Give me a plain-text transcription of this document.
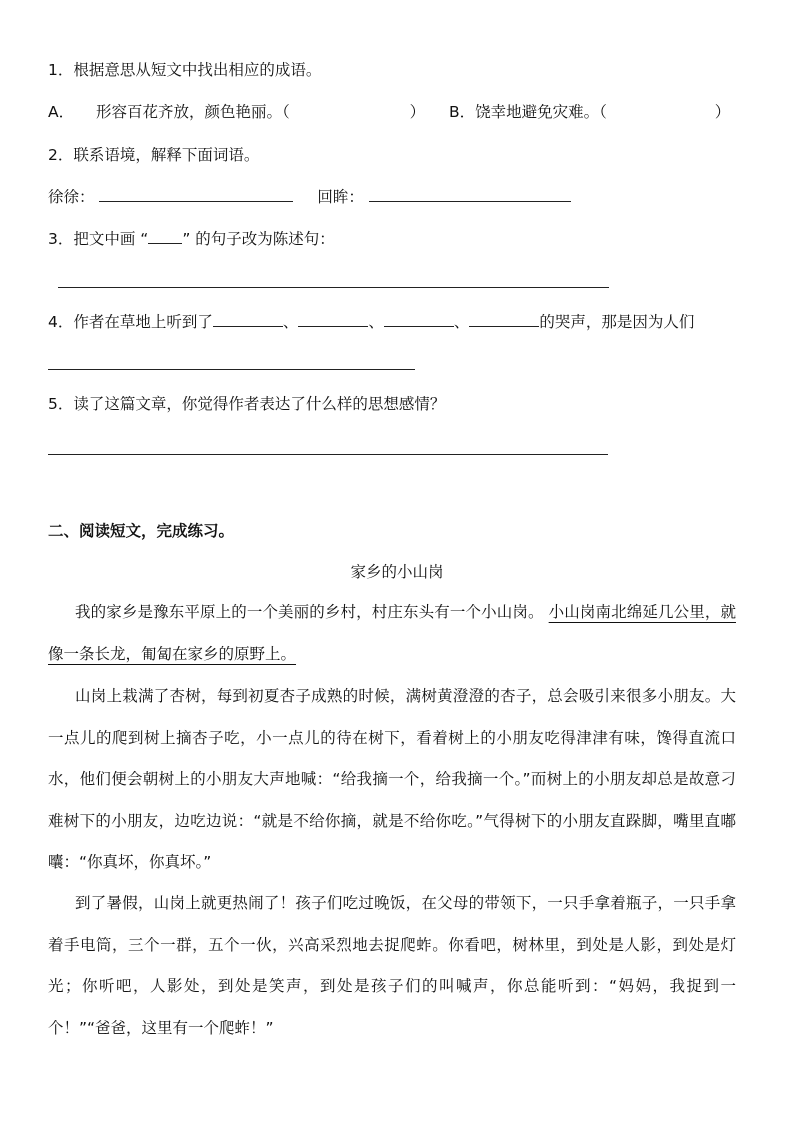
1．根据意思从短文中找出相应的成语。
A． 形容百花齐放，颜色艳丽。（	） B．饶幸地避免灾难。（	）
2．联系语境，解释下面词语。
徐徐：	回眸：
3．把文中画 “ ” 的句子改为陈述句：
4．作者在草地上听到了	、	、	、	的哭声，那是因为人们
5．读了这篇文章，你觉得作者表达了什么样的思想感情？
二、阅读短文，完成练习。
家乡的小山岗
我的家乡是豫东平原上的一个美丽的乡村，村庄东头有一个小山岗。 小山岗南北绵延几公里，就像一条长龙，匍匐在家乡的原野上。
山岗上栽满了杏树，每到初夏杏子成熟的时候，满树黄澄澄的杏子，总会吸引来很多小朋友。大一点儿的爬到树上摘杏子吃，小一点儿的待在树下，看着树上的小朋友吃得津津有味，馋得直流口水，他们便会朝树上的小朋友大声地喊：“给我摘一个，给我摘一个。”而树上的小朋友却总是故意刁难树下的小朋友，边吃边说：“就是不给你摘，就是不给你吃。”气得树下的小朋友直跺脚，嘴里直嘟囔：“你真坏，你真坏。”
到了暑假，山岗上就更热闹了！孩子们吃过晚饭，在父母的带领下，一只手拿着瓶子，一只手拿着手电筒，三个一群，五个一伙，兴高采烈地去捉爬蚱。你看吧，树林里，到处是人影，到处是灯光；你听吧，人影处，到处是笑声，到处是孩子们的叫喊声，你总能听到：“妈妈，我捉到一个！”“爸爸，这里有一个爬蚱！”
